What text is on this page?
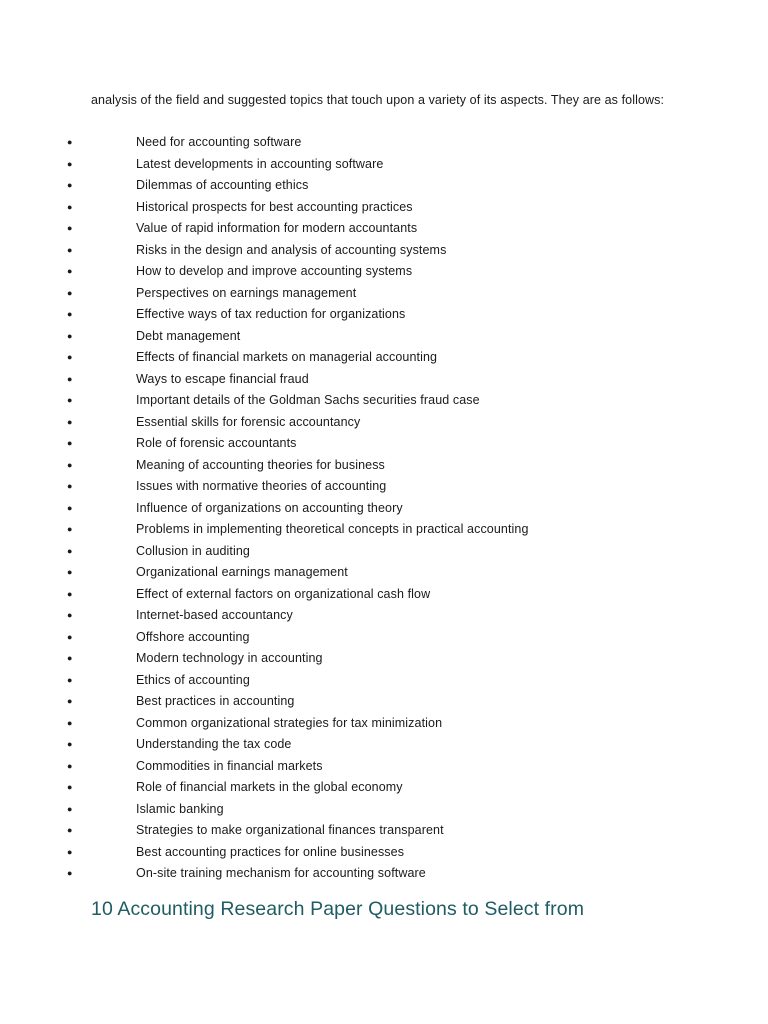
analysis of the field and suggested topics that touch upon a variety of its aspects. They are as follows:

●	Need for accounting software
●	Latest developments in accounting software
●	Dilemmas of accounting ethics
●	Historical prospects for best accounting practices
●	Value of rapid information for modern accountants
●	Risks in the design and analysis of accounting systems
●	How to develop and improve accounting systems
●	Perspectives on earnings management
●	Effective ways of tax reduction for organizations
●	Debt management
●	Effects of financial markets on managerial accounting
●	Ways to escape financial fraud
●	Important details of the Goldman Sachs securities fraud case
●	Essential skills for forensic accountancy
●	Role of forensic accountants
●	Meaning of accounting theories for business
●	Issues with normative theories of accounting
●	Influence of organizations on accounting theory
●	Problems in implementing theoretical concepts in practical accounting
●	Collusion in auditing
●	Organizational earnings management
●	Effect of external factors on organizational cash flow
●	Internet-based accountancy
●	Offshore accounting
●	Modern technology in accounting
●	Ethics of accounting
●	Best practices in accounting
●	Common organizational strategies for tax minimization
●	Understanding the tax code
●	Commodities in financial markets
●	Role of financial markets in the global economy
●	Islamic banking
●	Strategies to make organizational finances transparent
●	Best accounting practices for online businesses
●	On-site training mechanism for accounting software
10 Accounting Research Paper Questions to Select from
